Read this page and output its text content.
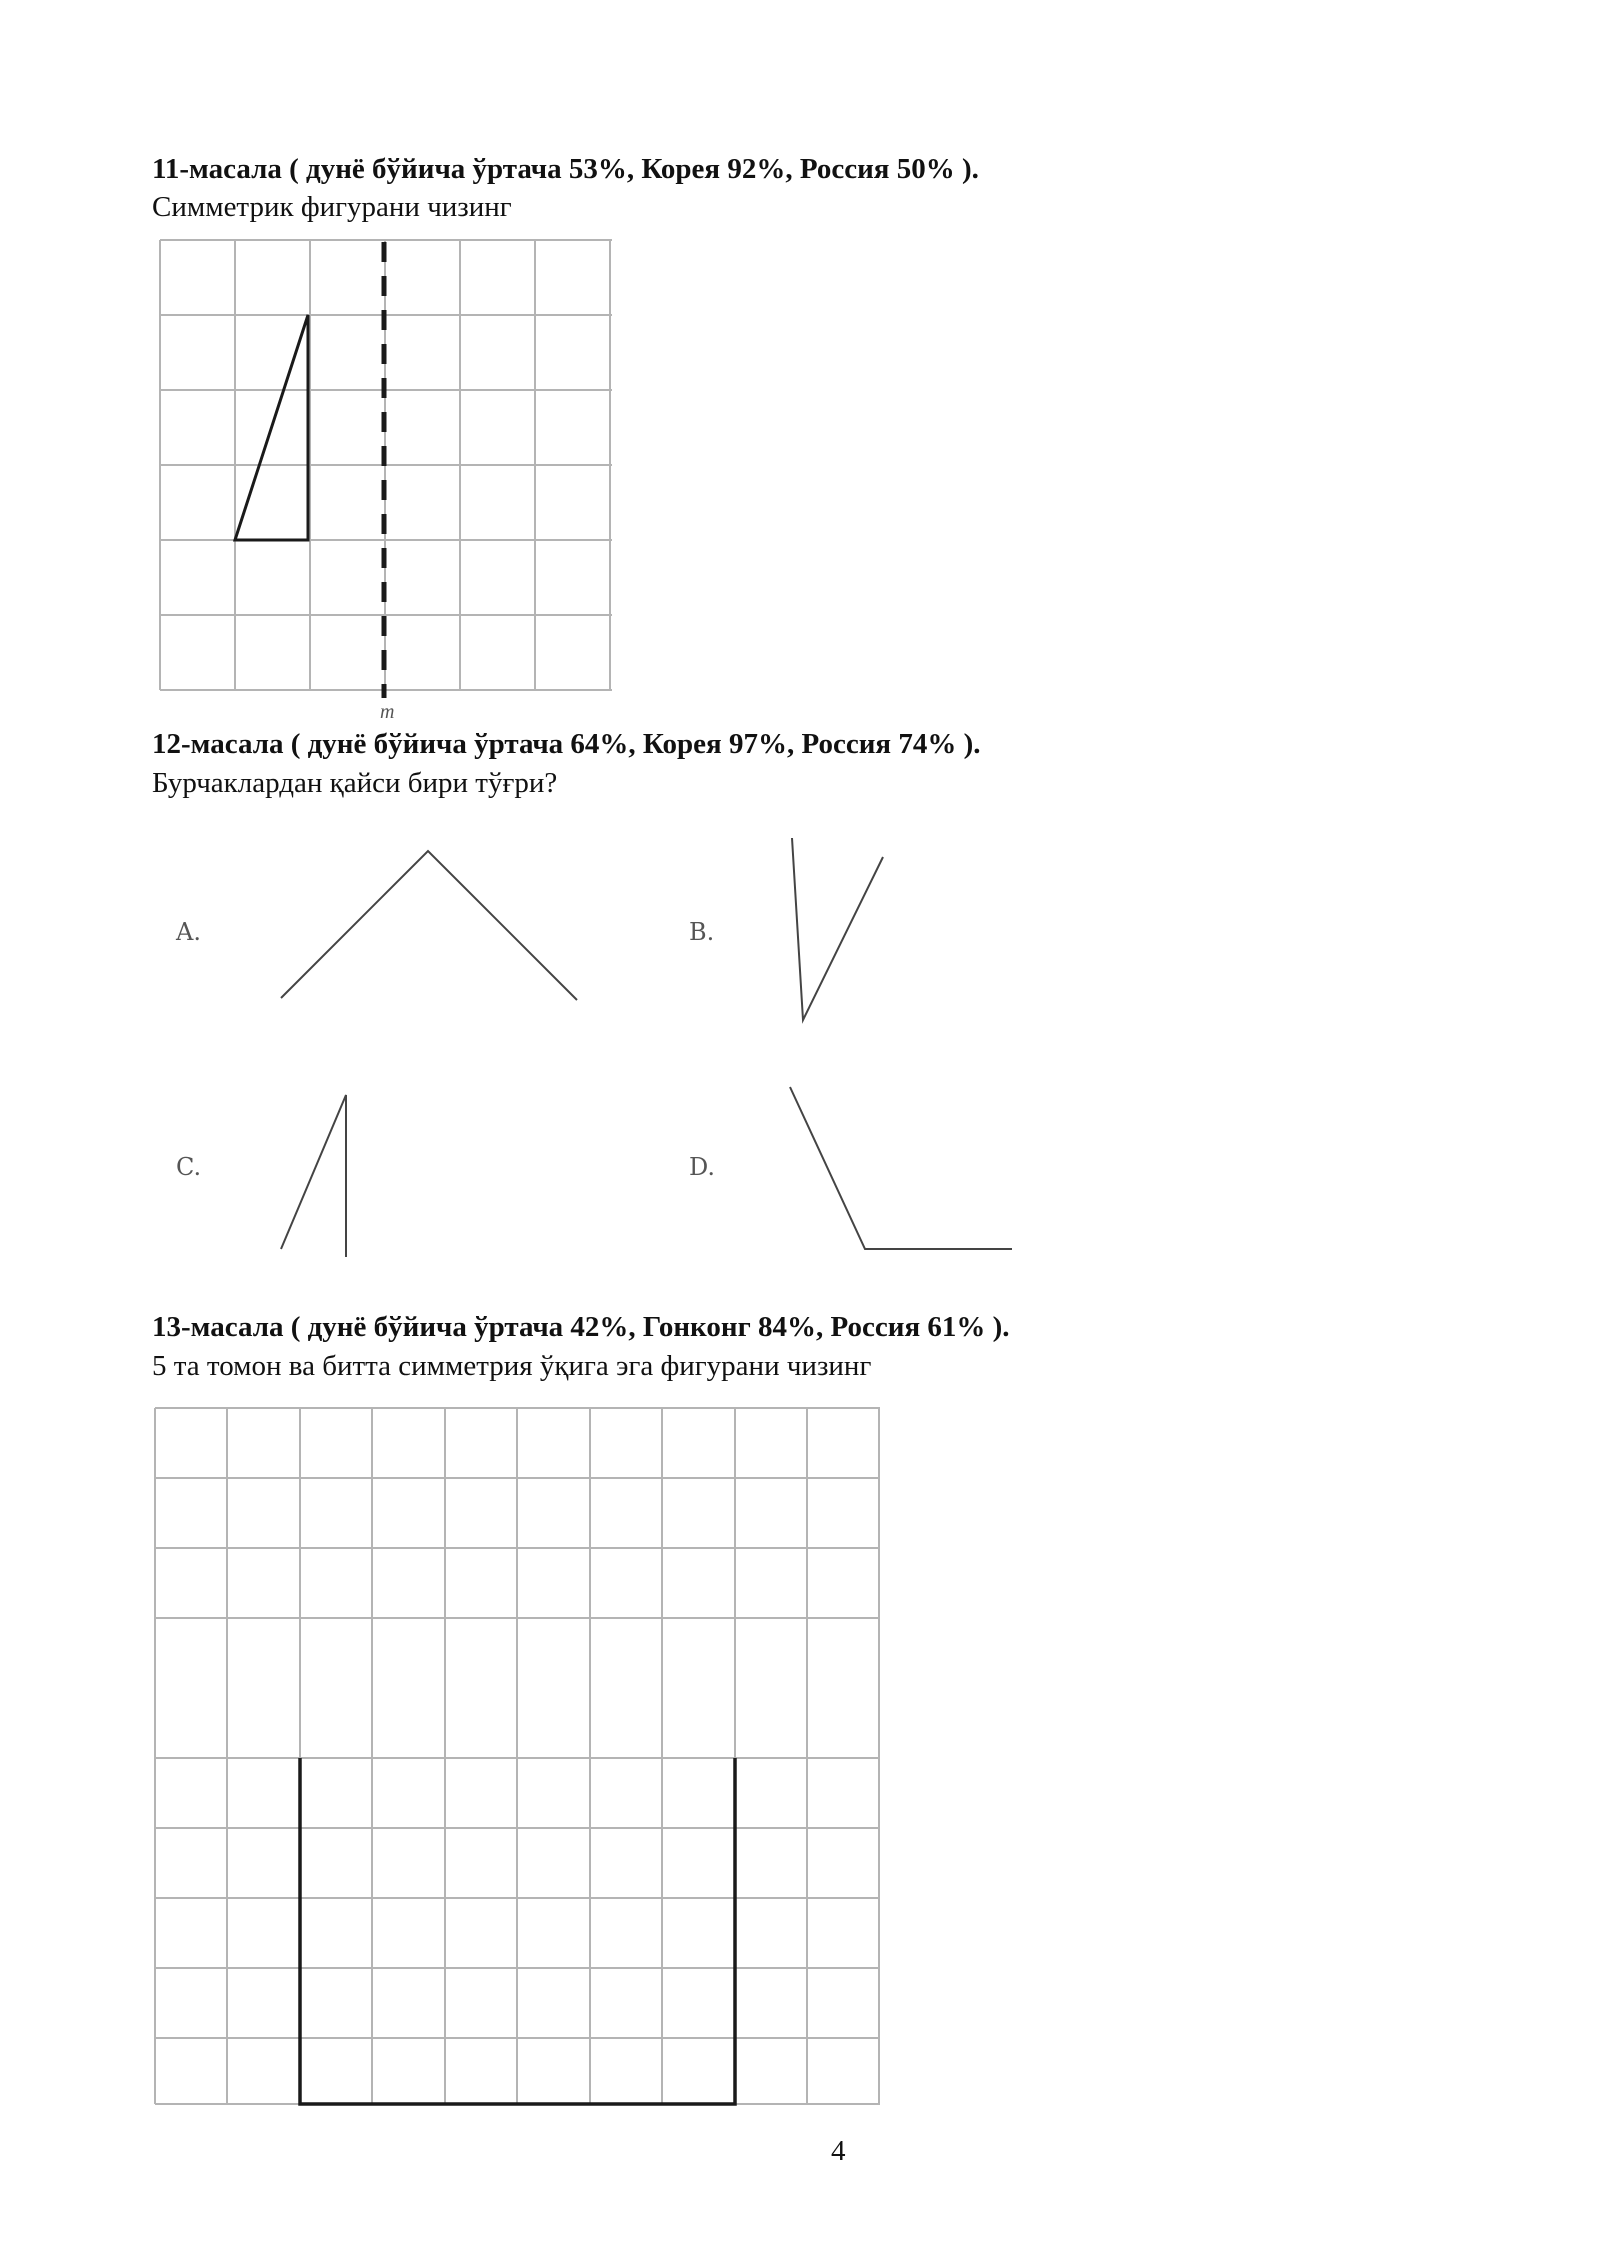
11-масала ( дунё бўйича ўртача 53%, Корея 92%, Россия 50% ).
Симметрик фигурани чизинг
m
12-масала ( дунё бўйича ўртача 64%, Корея 97%, Россия 74% ).
Бурчаклардан қайси бири тўғри?
A.	B.
C.	D.
13-масала ( дунё бўйича ўртача 42%, Гонконг 84%, Россия 61% ).
5 та томон ва битта симметрия ўқига эга фигурани чизинг
4
